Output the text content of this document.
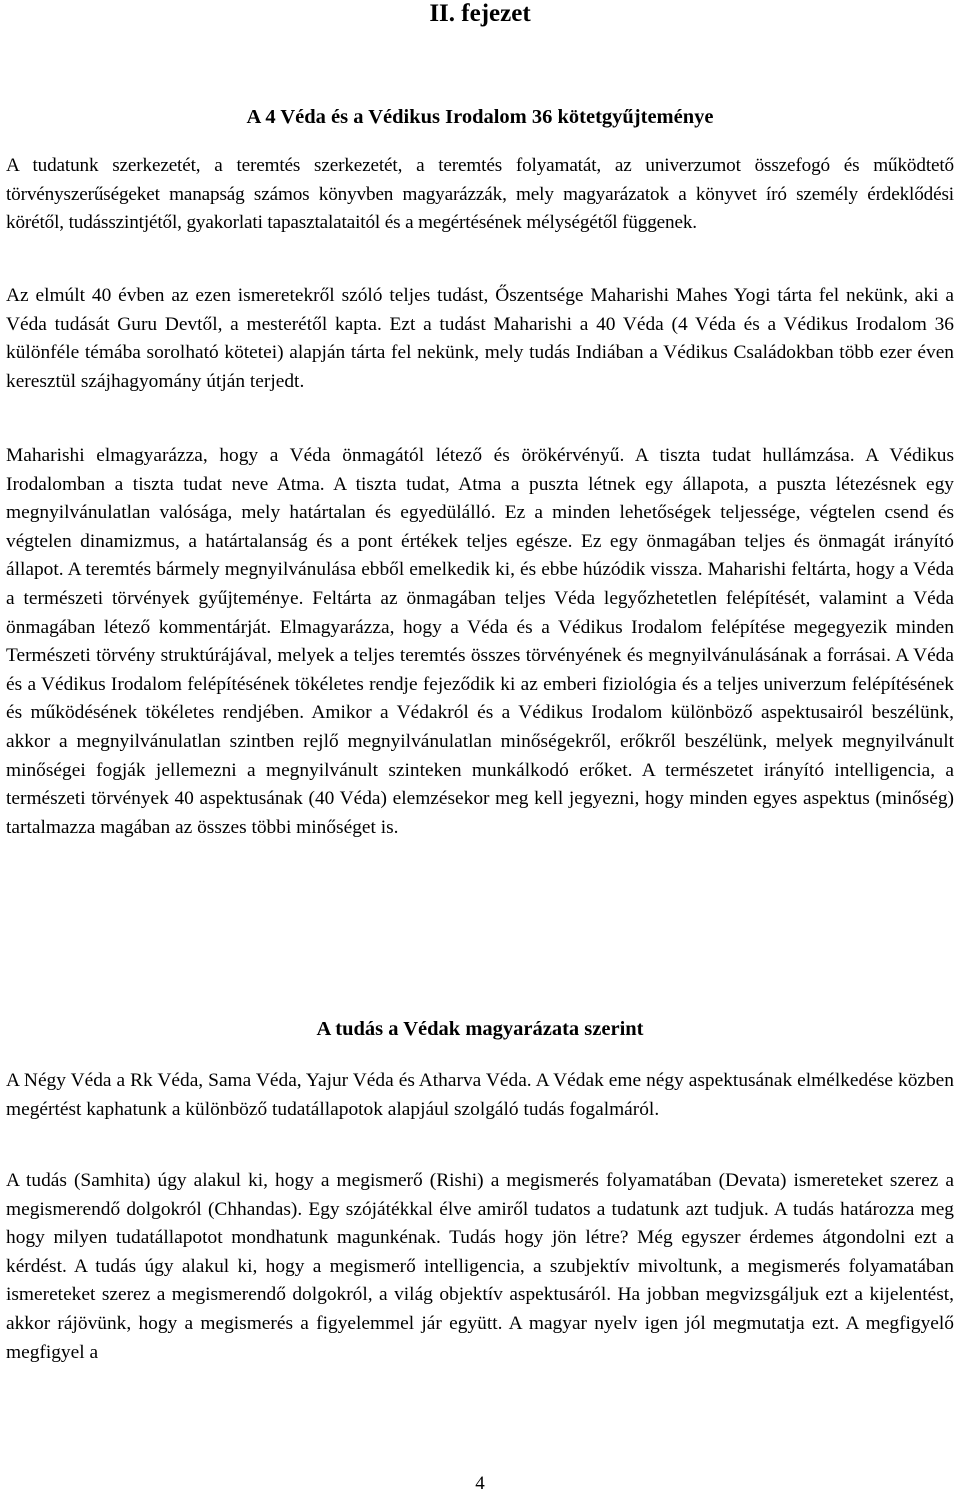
II. fejezet
A 4 Véda és a Védikus Irodalom 36 kötetgyűjteménye

A tudatunk szerkezetét, a teremtés szerkezetét, a teremtés folyamatát, az univerzumot összefogó és működtető törvényszerűségeket manapság számos könyvben magyarázzák, mely magyarázatok a könyvet író személy érdeklődési körétől, tudásszintjétől, gyakorlati tapasztalataitól és a megértésének mélységétől függenek.

Az elmúlt 40 évben az ezen ismeretekről szóló teljes tudást, Őszentsége Maharishi Mahes Yogi tárta fel nekünk, aki a Véda tudását Guru Devtől, a mesterétől kapta. Ezt a tudást Maharishi a 40 Véda (4 Véda és a Védikus Irodalom 36 különféle témába sorolható kötetei) alapján tárta fel nekünk, mely tudás Indiában a Védikus Családokban több ezer éven keresztül szájhagyomány útján terjedt.

Maharishi elmagyarázza, hogy a Véda önmagától létező és örökérvényű. A tiszta tudat hullámzása. A Védikus Irodalomban a tiszta tudat neve Atma. A tiszta tudat, Atma a puszta létnek egy állapota, a puszta létezésnek egy megnyilvánulatlan valósága, mely határtalan és egyedülálló. Ez a minden lehetőségek teljessége, végtelen csend és végtelen dinamizmus, a határtalanság és a pont értékek teljes egésze. Ez egy önmagában teljes és önmagát irányító állapot. A teremtés bármely megnyilvánulása ebből emelkedik ki, és ebbe húzódik vissza. Maharishi feltárta, hogy a Véda a természeti törvények gyűjteménye. Feltárta az önmagában teljes Véda legyőzhetetlen felépítését, valamint a Véda önmagában létező kommentárját. Elmagyarázza, hogy a Véda és a Védikus Irodalom felépítése megegyezik minden Természeti törvény struktúrájával, melyek a teljes teremtés összes törvényének és megnyilvánulásának a forrásai. A Véda és a Védikus Irodalom felépítésének tökéletes rendje fejeződik ki az emberi fiziológia és a teljes univerzum felépítésének és működésének tökéletes rendjében. Amikor a Védakról és a Védikus Irodalom különböző aspektusairól beszélünk, akkor a megnyilvánulatlan szintben rejlő megnyilvánulatlan minőségekről, erőkről beszélünk, melyek megnyilvánult minőségei fogják jellemezni a megnyilvánult szinteken munkálkodó erőket. A természetet irányító intelligencia, a természeti törvények 40 aspektusának (40 Véda) elemzésekor meg kell jegyezni, hogy minden egyes aspektus (minőség) tartalmazza magában az összes többi minőséget is.

A tudás a Védak magyarázata szerint

A Négy Véda a Rk Véda, Sama Véda, Yajur Véda és Atharva Véda. A Védak eme négy aspektusának elmélkedése közben megértést kaphatunk a különböző tudatállapotok alapjául szolgáló tudás fogalmáról.

A tudás (Samhita) úgy alakul ki, hogy a megismerő (Rishi) a megismerés folyamatában (Devata) ismereteket szerez a megismerendő dolgokról (Chhandas). Egy szójátékkal élve amiről tudatos a tudatunk azt tudjuk. A tudás határozza meg hogy milyen tudatállapotot mondhatunk magunkénak. Tudás hogy jön létre? Még egyszer érdemes átgondolni ezt a kérdést. A tudás úgy alakul ki, hogy a megismerő intelligencia, a szubjektív mivoltunk, a megismerés folyamatában ismereteket szerez a megismerendő dolgokról, a világ objektív aspektusáról. Ha jobban megvizsgáljuk ezt a kijelentést, akkor rájövünk, hogy a megismerés a figyelemmel jár együtt. A magyar nyelv igen jól megmutatja ezt. A megfigyelő megfigyel a

4
